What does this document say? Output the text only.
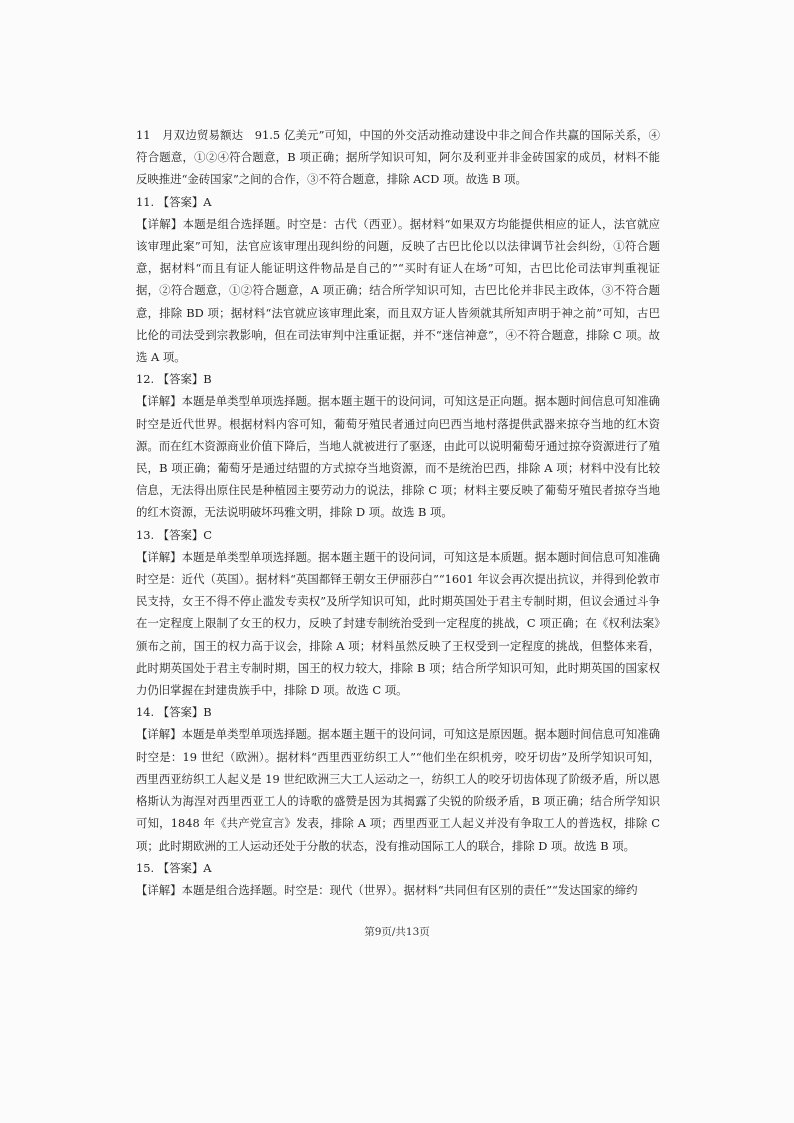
11　月双边贸易额达　91.5 亿美元”可知，中国的外交活动推动建设中非之间合作共赢的国际关系，④符合题意，①②④符合题意，B 项正确；据所学知识可知，阿尔及利亚并非金砖国家的成员，材料不能反映推进“金砖国家”之间的合作，③不符合题意，排除 ACD 项。故选 B 项。

11. 【答案】A

【详解】本题是组合选择题。时空是：古代（西亚）。据材料“如果双方均能提供相应的证人，法官就应该审理此案”可知，法官应该审理出现纠纷的问题，反映了古巴比伦以以法律调节社会纠纷，①符合题意，据材料“而且有证人能证明这件物品是自己的”“买时有证人在场”可知，古巴比伦司法审判重视证据，②符合题意，①②符合题意，A 项正确；结合所学知识可知，古巴比伦并非民主政体，③不符合题意，排除 BD 项；据材料“法官就应该审理此案，而且双方证人皆须就其所知声明于神之前”可知，古巴比伦的司法受到宗教影响，但在司法审判中注重证据，并不“迷信神意”，④不符合题意，排除 C 项。故选 A 项。

12. 【答案】B

【详解】本题是单类型单项选择题。据本题主题干的设问词，可知这是正向题。据本题时间信息可知准确时空是近代世界。根据材料内容可知，葡萄牙殖民者通过向巴西当地村落提供武器来掠夺当地的红木资源。而在红木资源商业价值下降后，当地人就被进行了驱逐，由此可以说明葡萄牙通过掠夺资源进行了殖民，B 项正确；葡萄牙是通过结盟的方式掠夺当地资源，而不是统治巴西，排除 A 项；材料中没有比较信息，无法得出原住民是种植园主要劳动力的说法，排除 C 项；材料主要反映了葡萄牙殖民者掠夺当地的红木资源，无法说明破坏玛雅文明，排除 D 项。故选 B 项。

13. 【答案】C

【详解】本题是单类型单项选择题。据本题主题干的设问词，可知这是本质题。据本题时间信息可知准确时空是：近代（英国）。据材料“英国都铎王朝女王伊丽莎白”“1601 年议会再次提出抗议，并得到伦敦市民支持，女王不得不停止滥发专卖权”及所学知识可知，此时期英国处于君主专制时期，但议会通过斗争在一定程度上限制了女王的权力，反映了封建专制统治受到一定程度的挑战，C 项正确；在《权利法案》颁布之前，国王的权力高于议会，排除 A 项；材料虽然反映了王权受到一定程度的挑战，但整体来看，此时期英国处于君主专制时期，国王的权力较大，排除 B 项；结合所学知识可知，此时期英国的国家权力仍旧掌握在封建贵族手中，排除 D 项。故选 C 项。

14. 【答案】B

【详解】本题是单类型单项选择题。据本题主题干的设问词，可知这是原因题。据本题时间信息可知准确时空是：19 世纪（欧洲）。据材料“西里西亚纺织工人”“他们坐在织机旁，咬牙切齿”及所学知识可知，西里西亚纺织工人起义是 19 世纪欧洲三大工人运动之一，纺织工人的咬牙切齿体现了阶级矛盾，所以恩格斯认为海涅对西里西亚工人的诗歌的盛赞是因为其揭露了尖锐的阶级矛盾，B 项正确；结合所学知识可知，1848 年《共产党宣言》发表，排除 A 项；西里西亚工人起义并没有争取工人的普选权，排除 C 项；此时期欧洲的工人运动还处于分散的状态，没有推动国际工人的联合，排除 D 项。故选 B 项。

15. 【答案】A

【详解】本题是组合选择题。时空是：现代（世界）。据材料“共同但有区别的责任”“发达国家的缔约

第9页/共13页
